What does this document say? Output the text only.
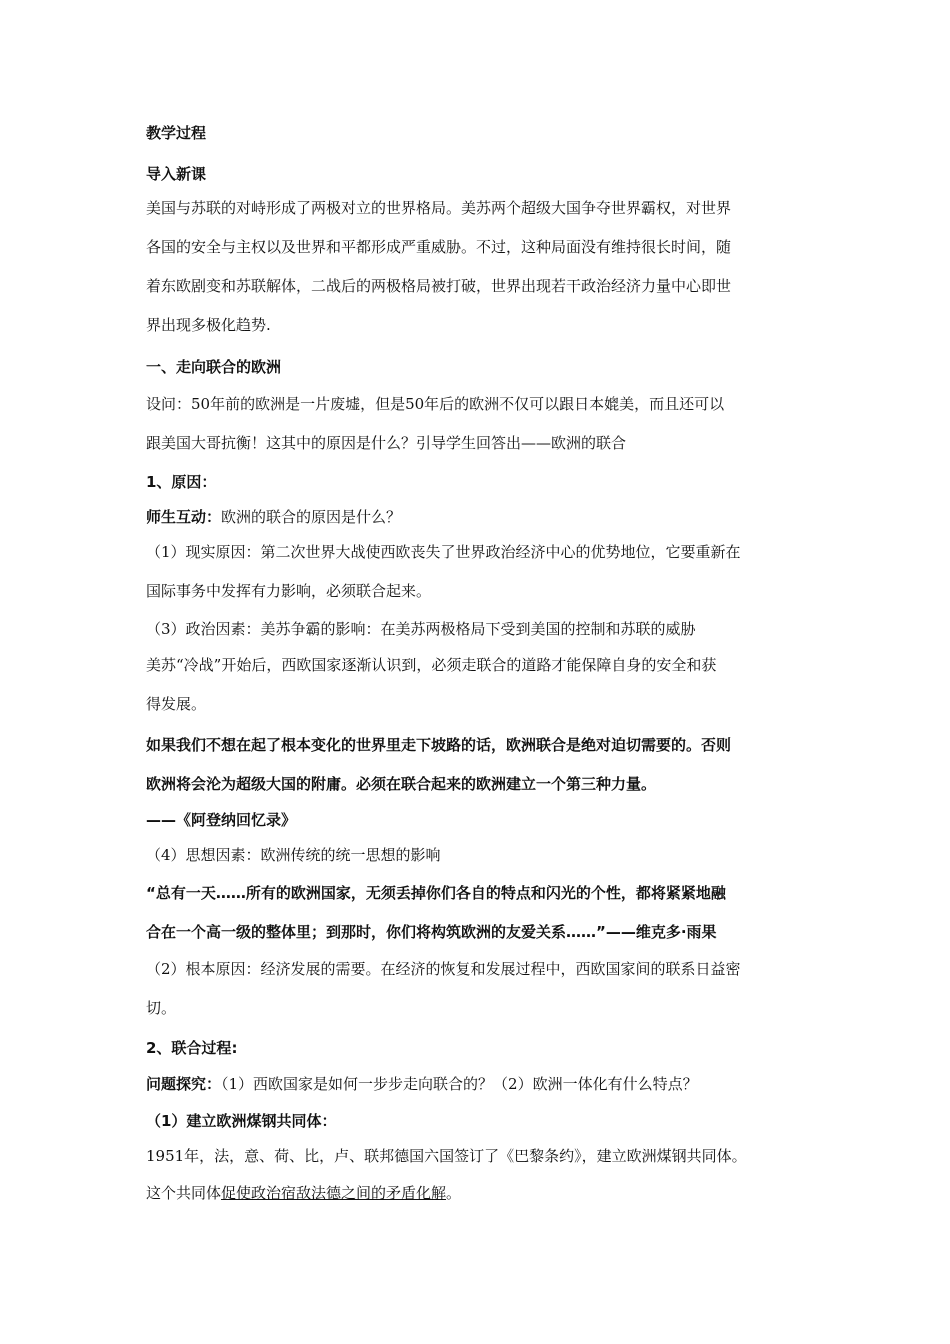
教学过程
导入新课
美国与苏联的对峙形成了两极对立的世界格局。美苏两个超级大国争夺世界霸权，对世界
各国的安全与主权以及世界和平都形成严重威胁。不过，这种局面没有维持很长时间，随
着东欧剧变和苏联解体，二战后的两极格局被打破，世界出现若干政治经济力量中心即世
界出现多极化趋势.
一、走向联合的欧洲
设问：50年前的欧洲是一片废墟，但是50年后的欧洲不仅可以跟日本媲美，而且还可以
跟美国大哥抗衡！这其中的原因是什么？引导学生回答出——欧洲的联合
1、原因：
师生互动：欧洲的联合的原因是什么？
（1）现实原因：第二次世界大战使西欧丧失了世界政治经济中心的优势地位，它要重新在
国际事务中发挥有力影响，必须联合起来。
（3）政治因素：美苏争霸的影响：在美苏两极格局下受到美国的控制和苏联的威胁
美苏“冷战”开始后，西欧国家逐渐认识到，必须走联合的道路才能保障自身的安全和获
得发展。
如果我们不想在起了根本变化的世界里走下坡路的话，欧洲联合是绝对迫切需要的。否则
欧洲将会沦为超级大国的附庸。必须在联合起来的欧洲建立一个第三种力量。
——《阿登纳回忆录》
（4）思想因素：欧洲传统的统一思想的影响
“总有一天……所有的欧洲国家，无须丢掉你们各自的特点和闪光的个性，都将紧紧地融
合在一个高一级的整体里；到那时，你们将构筑欧洲的友爱关系……”——维克多·雨果
（2）根本原因：经济发展的需要。在经济的恢复和发展过程中，西欧国家间的联系日益密
切。
2、联合过程:
问题探究：（1）西欧国家是如何一步步走向联合的？（2）欧洲一体化有什么特点？
（1）建立欧洲煤钢共同体：
1951年，法，意、荷、比，卢、联邦德国六国签订了《巴黎条约》，建立欧洲煤钢共同体。
这个共同体促使政治宿敌法德之间的矛盾化解。
